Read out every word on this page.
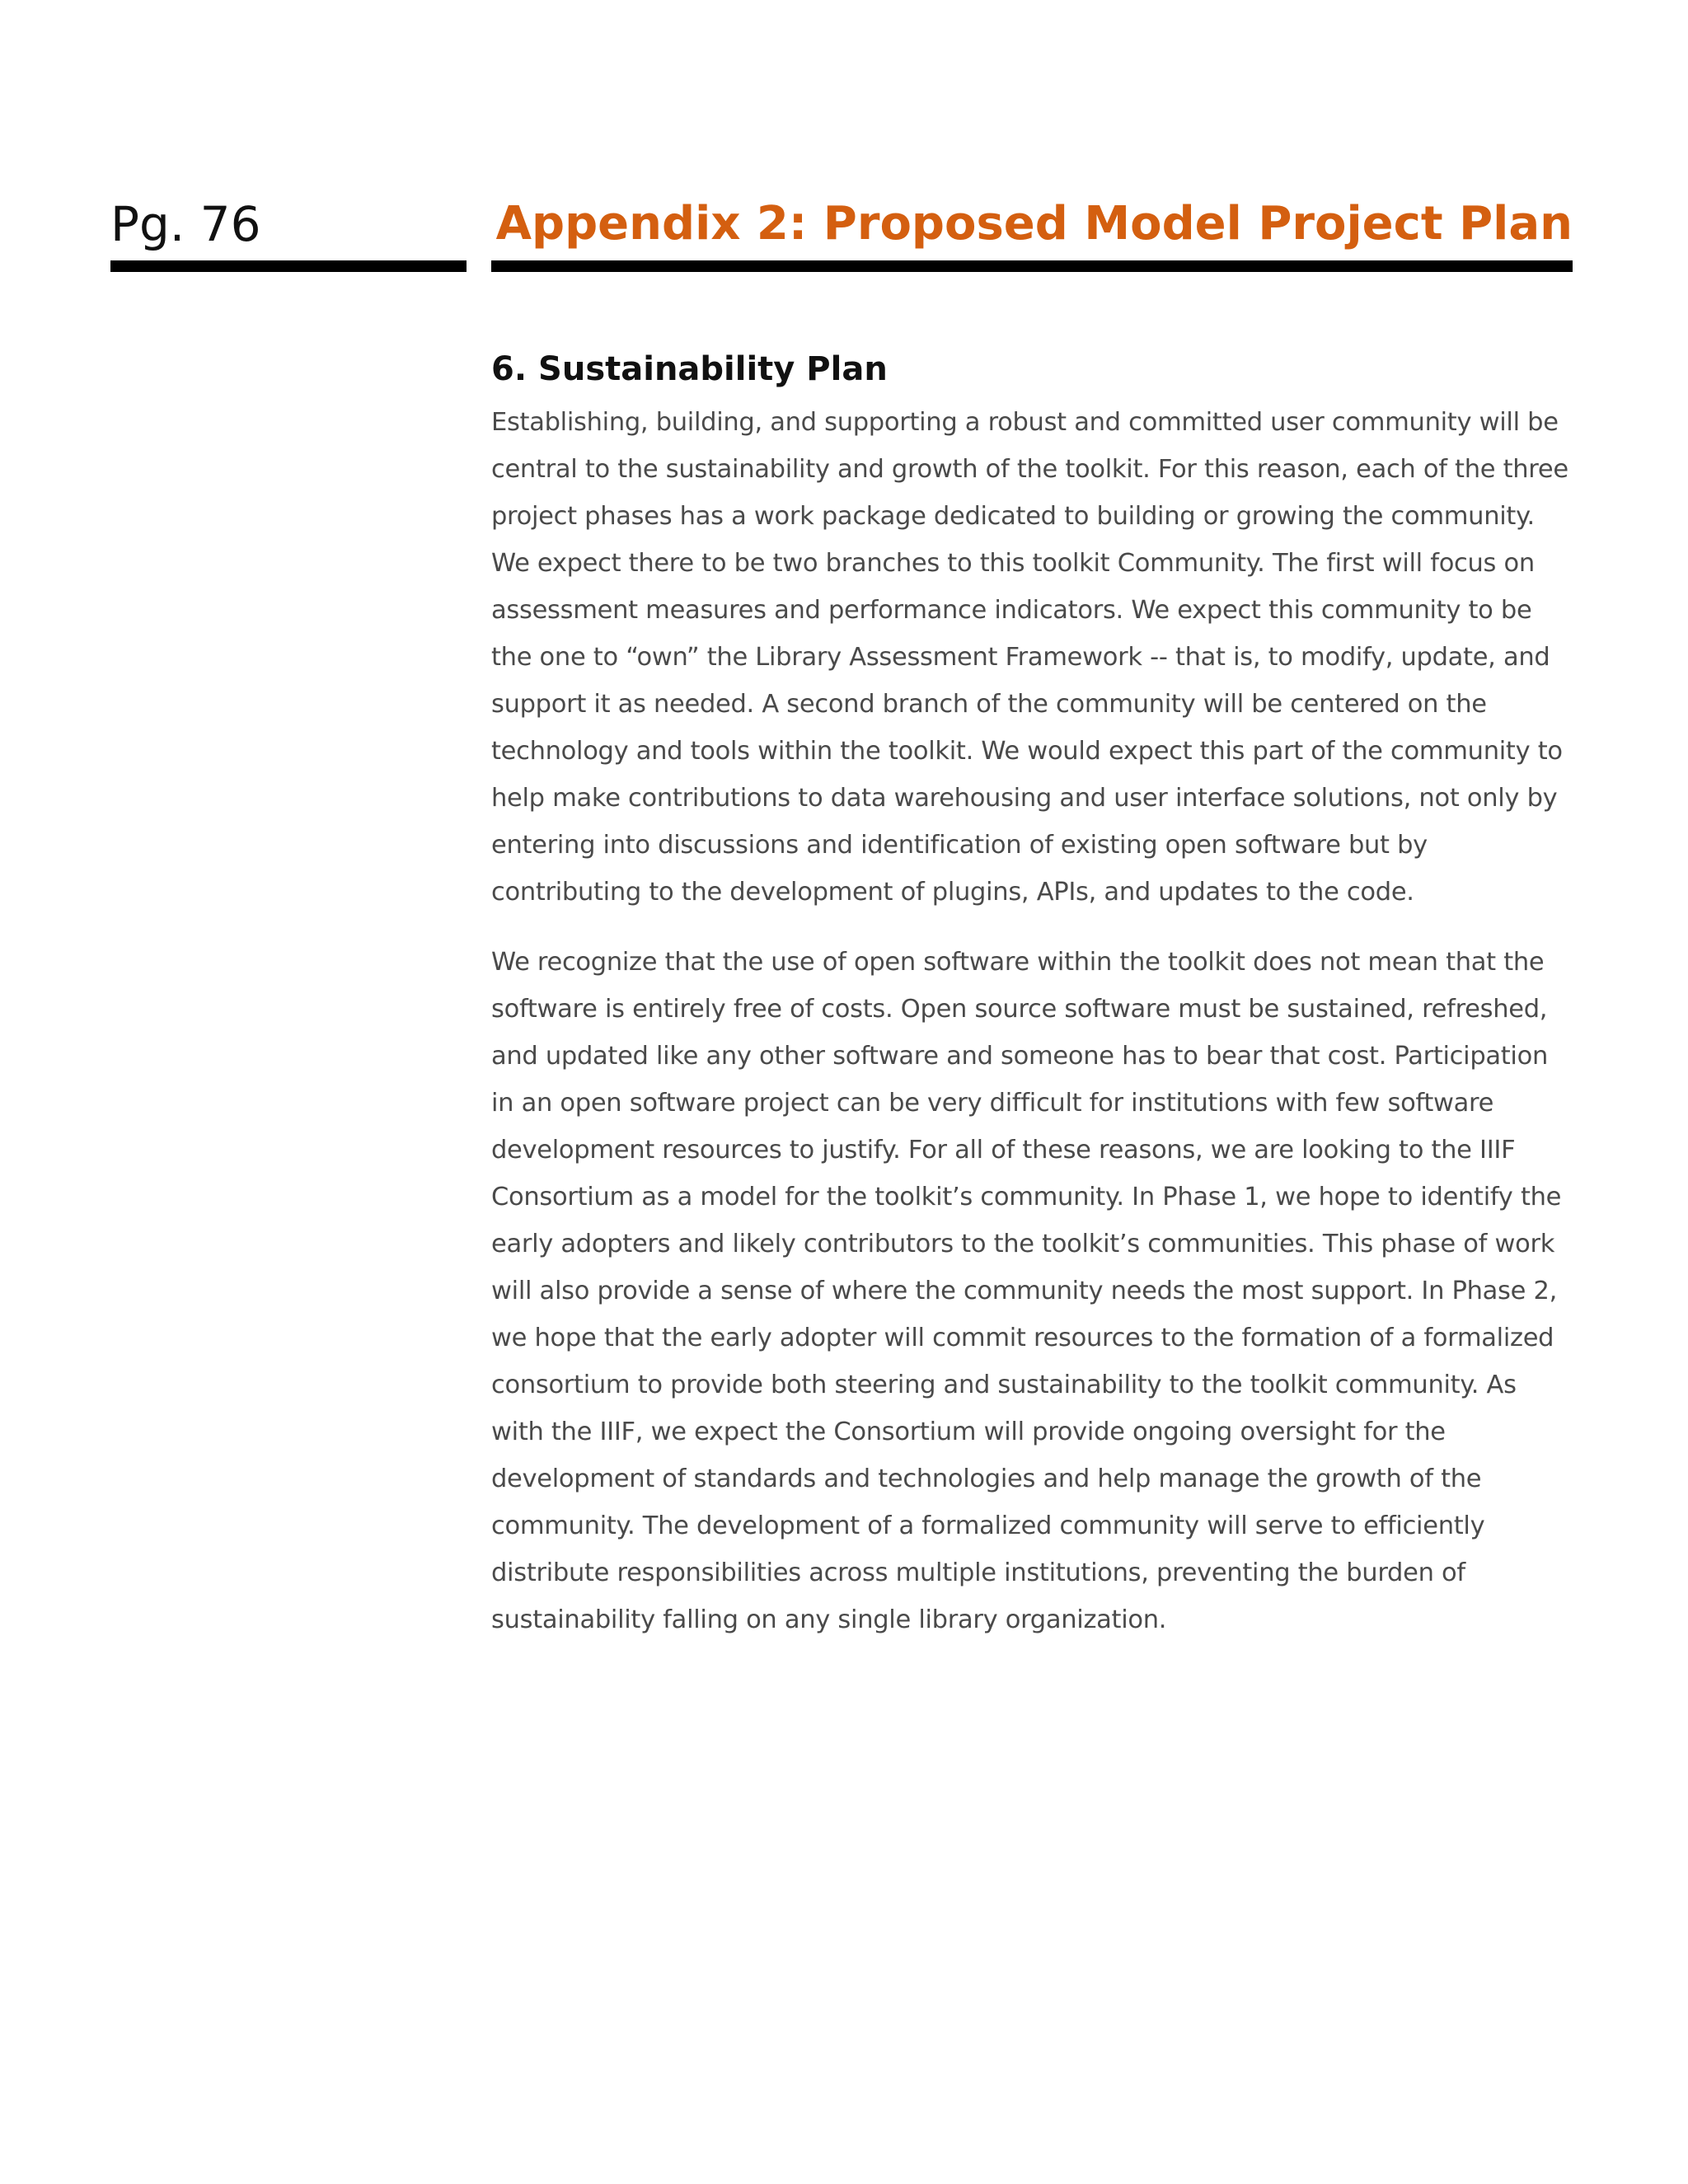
Pg. 76	Appendix 2: Proposed Model Project Plan
6. Sustainability Plan

Establishing, building, and supporting a robust and committed user community will be central to the sustainability and growth of the toolkit. For this reason, each of the three project phases has a work package dedicated to building or growing the community. We expect there to be two branches to this toolkit Community. The first will focus on assessment measures and performance indicators. We expect this community to be the one to “own” the Library Assessment Framework -- that is, to modify, update, and support it as needed. A second branch of the community will be centered on the technology and tools within the toolkit. We would expect this part of the community to help make contributions to data warehousing and user interface solutions, not only by entering into discussions and identification of existing open software but by contributing to the development of plugins, APIs, and updates to the code.

We recognize that the use of open software within the toolkit does not mean that the software is entirely free of costs. Open source software must be sustained, refreshed, and updated like any other software and someone has to bear that cost. Participation in an open software project can be very difficult for institutions with few software development resources to justify. For all of these reasons, we are looking to the IIIF Consortium as a model for the toolkit’s community. In Phase 1, we hope to identify the early adopters and likely contributors to the toolkit’s communities. This phase of work will also provide a sense of where the community needs the most support. In Phase 2, we hope that the early adopter will commit resources to the formation of a formalized consortium to provide both steering and sustainability to the toolkit community. As with the IIIF, we expect the Consortium will provide ongoing oversight for the development of standards and technologies and help manage the growth of the community. The development of a formalized community will serve to efficiently distribute responsibilities across multiple institutions, preventing the burden of sustainability falling on any single library organization.
